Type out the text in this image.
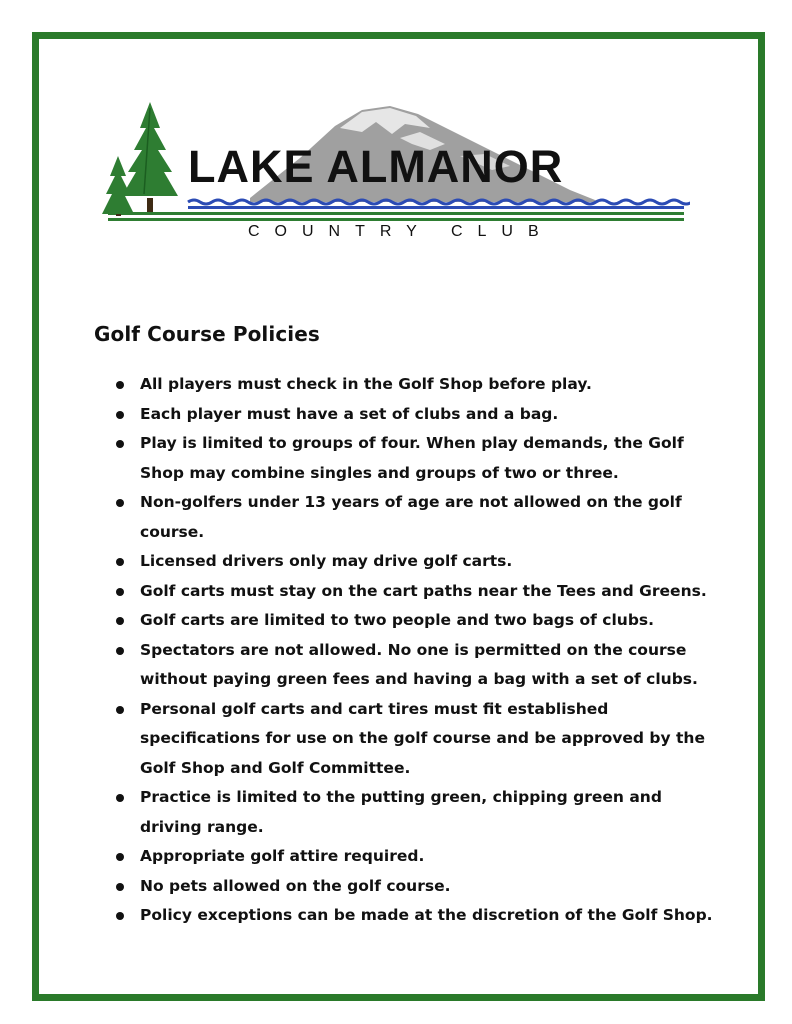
LAKE ALMANOR
COUNTRY CLUB
Golf Course Policies
All players must check in the Golf Shop before play.
Each player must have a set of clubs and a bag.
Play is limited to groups of four. When play demands, the Golf Shop may combine singles and groups of two or three.
Non-golfers under 13 years of age are not allowed on the golf course.
Licensed drivers only may drive golf carts.
Golf carts must stay on the cart paths near the Tees and Greens.
Golf carts are limited to two people and two bags of clubs.
Spectators are not allowed. No one is permitted on the course without paying green fees and having a bag with a set of clubs.
Personal golf carts and cart tires must fit established specifications for use on the golf course and be approved by the Golf Shop and Golf Committee.
Practice is limited to the putting green, chipping green and driving range.
Appropriate golf attire required.
No pets allowed on the golf course.
Policy exceptions can be made at the discretion of the Golf Shop.
